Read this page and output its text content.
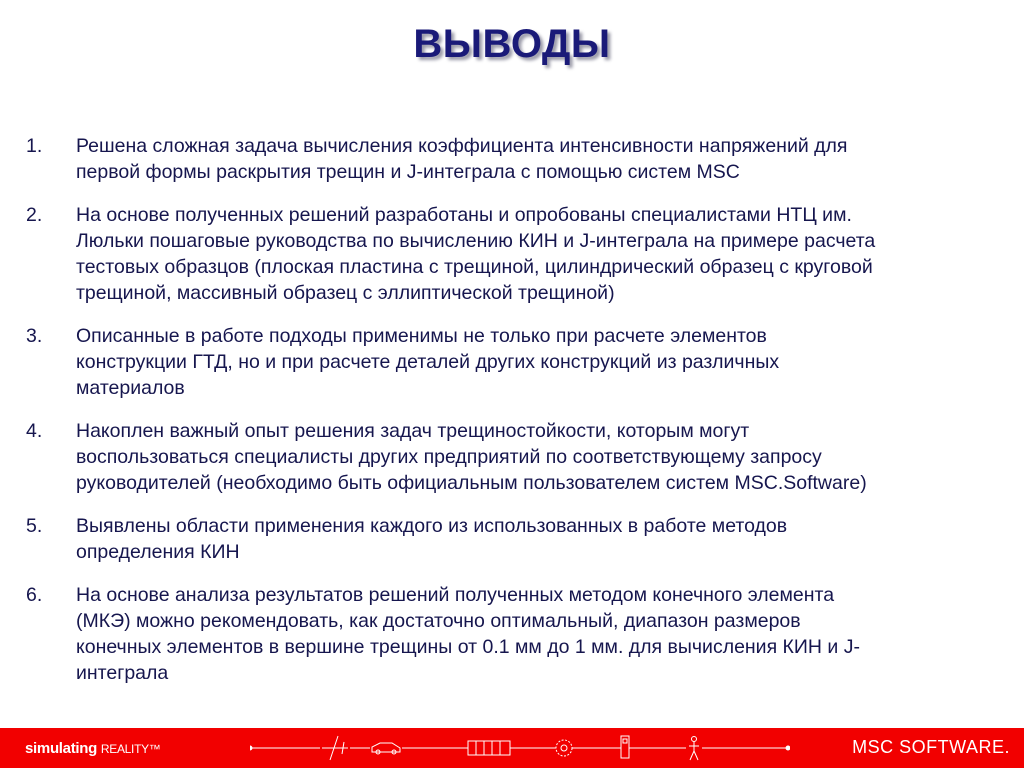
ВЫВОДЫ
1.	Решена сложная задача вычисления коэффициента интенсивности напряжений для
первой формы раскрытия трещин и J-интеграла с помощью систем MSC
2.	На основе полученных решений разработаны и опробованы специалистами НТЦ им.
Люльки пошаговые руководства по вычислению КИН и J-интеграла на примере расчета
тестовых образцов (плоская пластина с трещиной, цилиндрический образец с круговой
трещиной, массивный образец с эллиптической трещиной)
3.	Описанные в работе подходы применимы не только при расчете элементов
конструкции ГТД, но и при расчете деталей других конструкций из различных
материалов
4.	Накоплен важный опыт решения задач трещиностойкости, которым могут
воспользоваться специалисты других предприятий по соответствующему запросу
руководителей (необходимо быть официальным пользователем систем MSC.Software)
5.	Выявлены области применения каждого из использованных в работе методов
определения КИН
6.	На основе анализа результатов решений полученных методом конечного элемента
(МКЭ) можно рекомендовать, как достаточно оптимальный, диапазон размеров
конечных элементов в вершине трещины от 0.1 мм до 1 мм. для вычисления КИН и J-
интеграла
simulating REALITY™	MSC SOFTWARE.
